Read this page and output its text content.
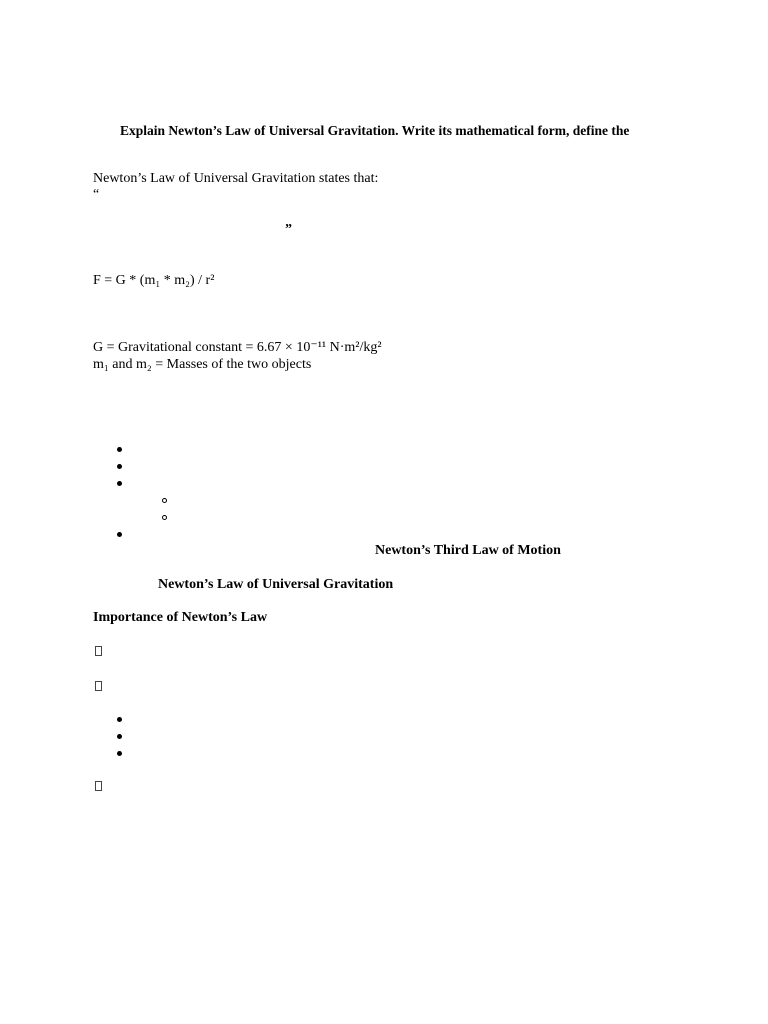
Explain Newton’s Law of Universal Gravitation. Write its mathematical form, define the
Newton’s Law of Universal Gravitation states that:
“
”
F = G * (m₁ * m₂) / r²
G = Gravitational constant = 6.67 × 10⁻¹¹ N·m²/kg²
m₁ and m₂ = Masses of the two objects
Newton’s Third Law of Motion
Newton’s Law of Universal Gravitation
Importance of Newton’s Law
